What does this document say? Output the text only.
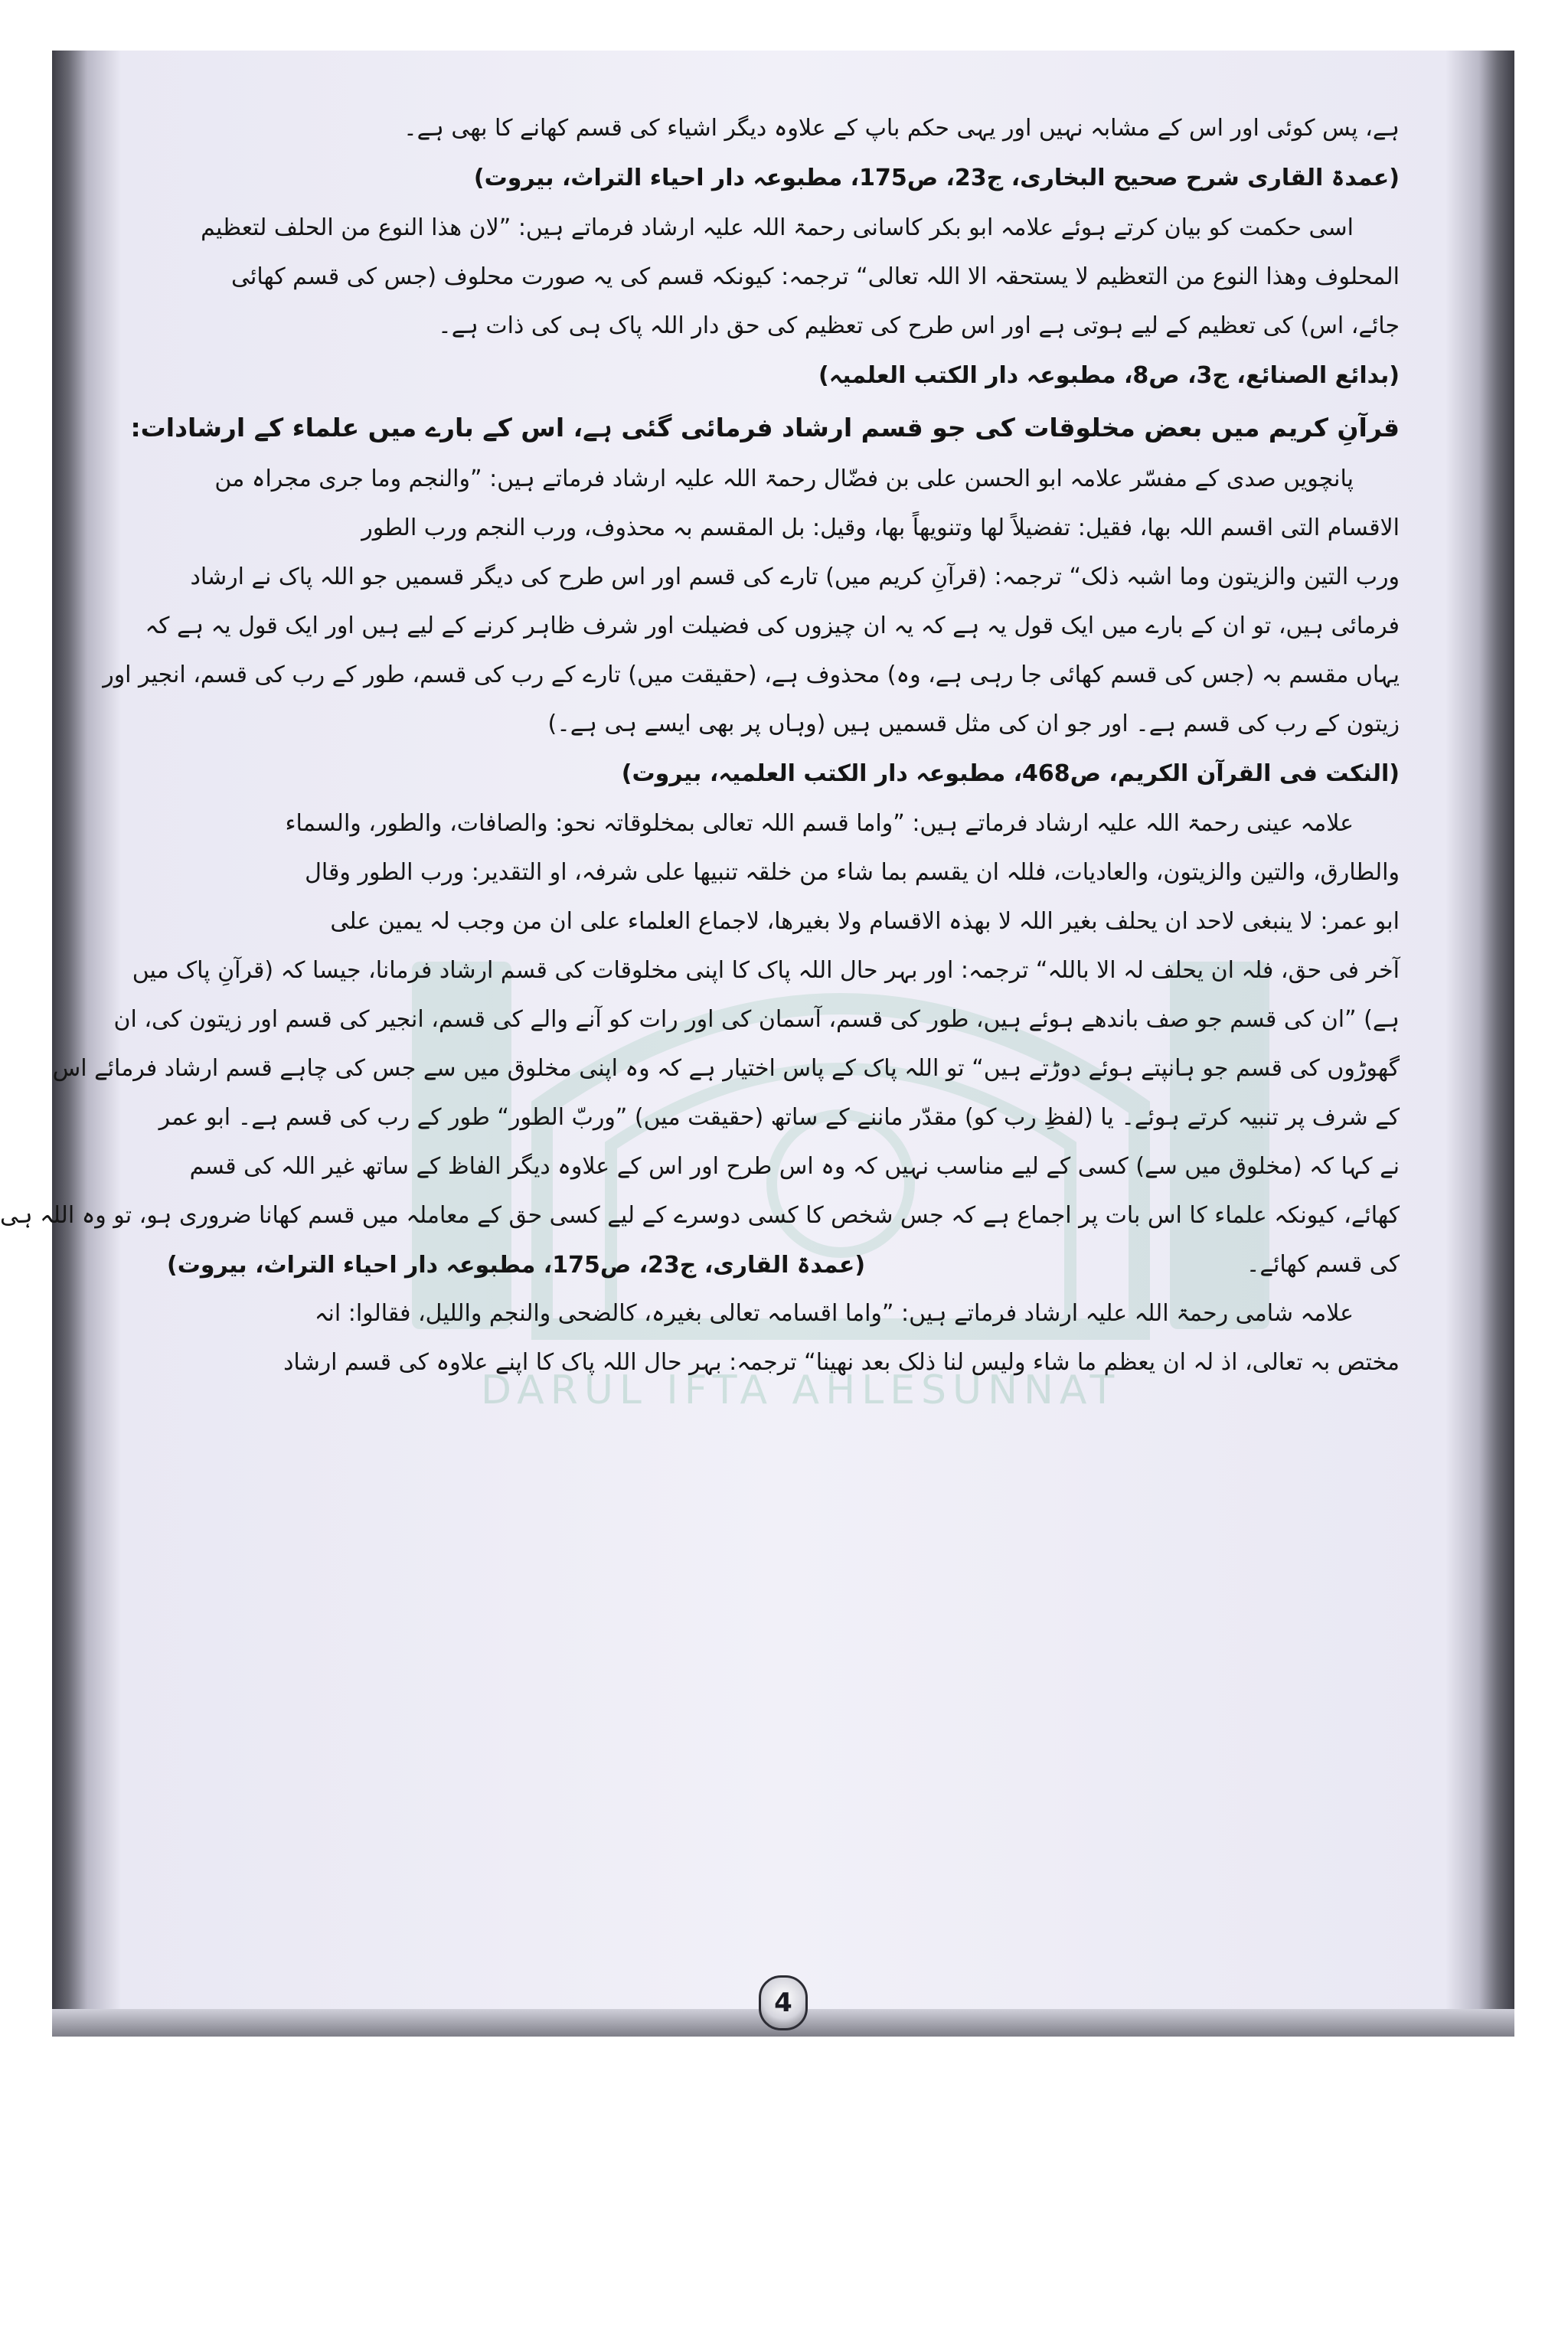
DARUL IFTA AHLESUNNAT
ہے، پس کوئی اور اس کے مشابہ نہیں اور یہی حکم باپ کے علاوہ دیگر اشیاء کی قسم کھانے کا بھی ہے۔
(عمدۃ القاری شرح صحیح البخاری، ج23، ص175، مطبوعہ دار احیاء التراث، بیروت)
اسی حکمت کو بیان کرتے ہوئے علامہ ابو بکر کاسانی رحمۃ اللہ علیہ ارشاد فرماتے ہیں: ”لان ھذا النوع من الحلف لتعظیم
المحلوف وھذا النوع من التعظیم لا یستحقہ الا اللہ تعالی“ ترجمہ: کیونکہ قسم کی یہ صورت محلوف (جس کی قسم کھائی
جائے، اس) کی تعظیم کے لیے ہوتی ہے اور اس طرح کی تعظیم کی حق دار اللہ پاک ہی کی ذات ہے۔
(بدائع الصنائع، ج3، ص8، مطبوعہ دار الکتب العلمیہ)
قرآنِ کریم میں بعض مخلوقات کی جو قسم ارشاد فرمائی گئی ہے، اس کے بارے میں علماء کے ارشادات:
پانچویں صدی کے مفسّر علامہ ابو الحسن علی بن فضّال رحمۃ اللہ علیہ ارشاد فرماتے ہیں: ”والنجم وما جری مجراہ من
الاقسام التی اقسم اللہ بھا، فقیل: تفضیلاً لھا وتنویھاً بھا، وقیل: بل المقسم بہ محذوف، ورب النجم ورب الطور
ورب التین والزیتون وما اشبہ ذلک“ ترجمہ: (قرآنِ کریم میں) تارے کی قسم اور اس طرح کی دیگر قسمیں جو اللہ پاک نے ارشاد
فرمائی ہیں، تو ان کے بارے میں ایک قول یہ ہے کہ یہ ان چیزوں کی فضیلت اور شرف ظاہر کرنے کے لیے ہیں اور ایک قول یہ ہے کہ
یہاں مقسم بہ (جس کی قسم کھائی جا رہی ہے، وہ) محذوف ہے، (حقیقت میں) تارے کے رب کی قسم، طور کے رب کی قسم، انجیر اور
زیتون کے رب کی قسم ہے۔ اور جو ان کی مثل قسمیں ہیں (وہاں پر بھی ایسے ہی ہے۔)
(النکت فی القرآن الکریم، ص468، مطبوعہ دار الکتب العلمیہ، بیروت)
علامہ عینی رحمۃ اللہ علیہ ارشاد فرماتے ہیں: ”واما قسم اللہ تعالی بمخلوقاتہ نحو: والصافات، والطور، والسماء
والطارق، والتین والزیتون، والعادیات، فللہ ان یقسم بما شاء من خلقہ تنبیھا علی شرفہ، او التقدیر: ورب الطور وقال
ابو عمر: لا ینبغی لاحد ان یحلف بغیر اللہ لا بھذہ الاقسام ولا بغیرھا، لاجماع العلماء علی ان من وجب لہ یمین علی
آخر فی حق، فلہ ان یحلف لہ الا باللہ“ ترجمہ: اور بہر حال اللہ پاک کا اپنی مخلوقات کی قسم ارشاد فرمانا، جیسا کہ (قرآنِ پاک میں
ہے) ”ان کی قسم جو صف باندھے ہوئے ہیں، طور کی قسم، آسمان کی اور رات کو آنے والے کی قسم، انجیر کی قسم اور زیتون کی، ان
گھوڑوں کی قسم جو ہانپتے ہوئے دوڑتے ہیں“ تو اللہ پاک کے پاس اختیار ہے کہ وہ اپنی مخلوق میں سے جس کی چاہے قسم ارشاد فرمائے اس
کے شرف پر تنبیہ کرتے ہوئے۔ یا (لفظِ رب کو) مقدّر ماننے کے ساتھ (حقیقت میں) ”وربّ الطور“ طور کے رب کی قسم ہے۔ ابو عمر
نے کہا کہ (مخلوق میں سے) کسی کے لیے مناسب نہیں کہ وہ اس طرح اور اس کے علاوہ دیگر الفاظ کے ساتھ غیر اللہ کی قسم
کھائے، کیونکہ علماء کا اس بات پر اجماع ہے کہ جس شخص کا کسی دوسرے کے لیے کسی حق کے معاملہ میں قسم کھانا ضروری ہو، تو وہ اللہ ہی
کی قسم کھائے۔
(عمدۃ القاری، ج23، ص175، مطبوعہ دار احیاء التراث، بیروت)
علامہ شامی رحمۃ اللہ علیہ ارشاد فرماتے ہیں: ”واما اقسامہ تعالی بغیرہ، کالضحی والنجم واللیل، فقالوا: انہ
مختص بہ تعالی، اذ لہ ان یعظم ما شاء ولیس لنا ذلک بعد نھینا“ ترجمہ: بہر حال اللہ پاک کا اپنے علاوہ کی قسم ارشاد
4
